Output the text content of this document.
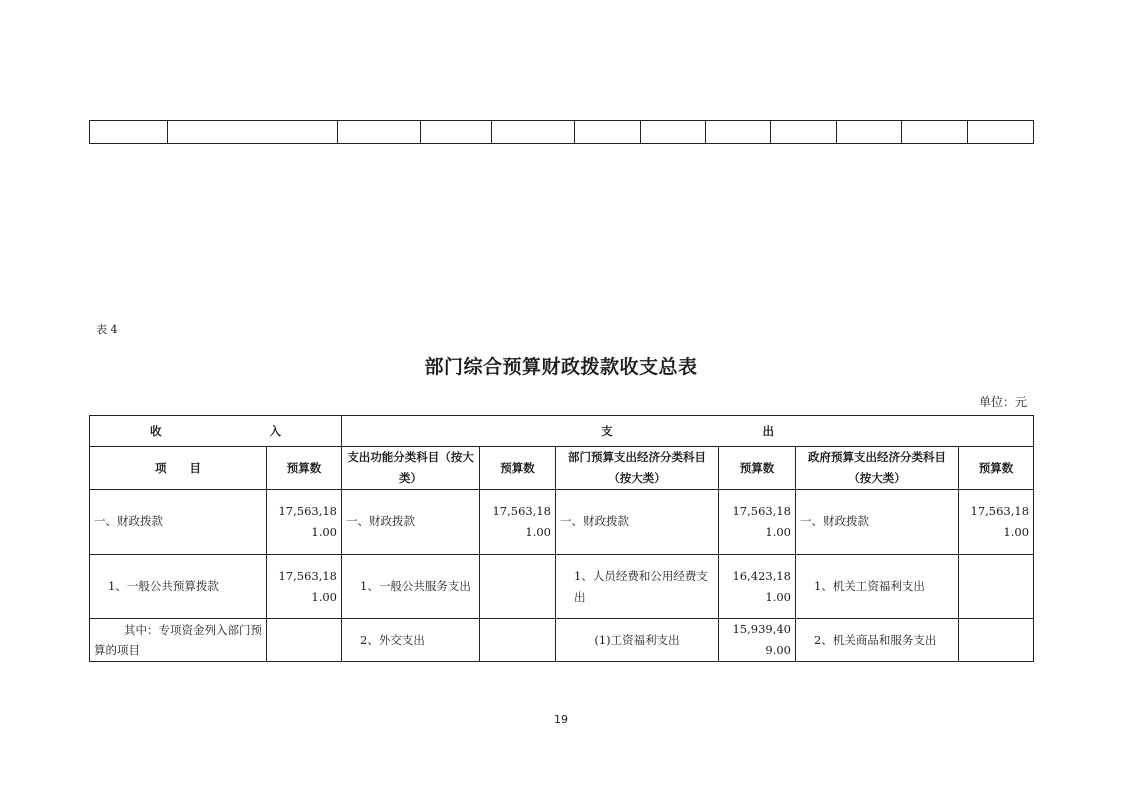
表 4
部门综合预算财政拨款收支总表
单位：元
收 入		支 出					

项　　目	预算数	支出功能分类科目（按大类）	预算数	部门预算支出经济分类科目（按大类）	预算数	政府预算支出经济分类科目（按大类）	预算数
一、财政拨款	17,563,181.00	一、财政拨款	17,563,181.00	一、财政拨款	17,563,181.00	一、财政拨款	17,563,181.00
1、一般公共预算拨款	17,563,181.00	1、一般公共服务支出		1、人员经费和公用经费支出	16,423,181.00	1、机关工资福利支出	
其中：专项资金列入部门预算的项目		2、外交支出		(1)工资福利支出	15,939,409.00	2、机关商品和服务支出	
19
